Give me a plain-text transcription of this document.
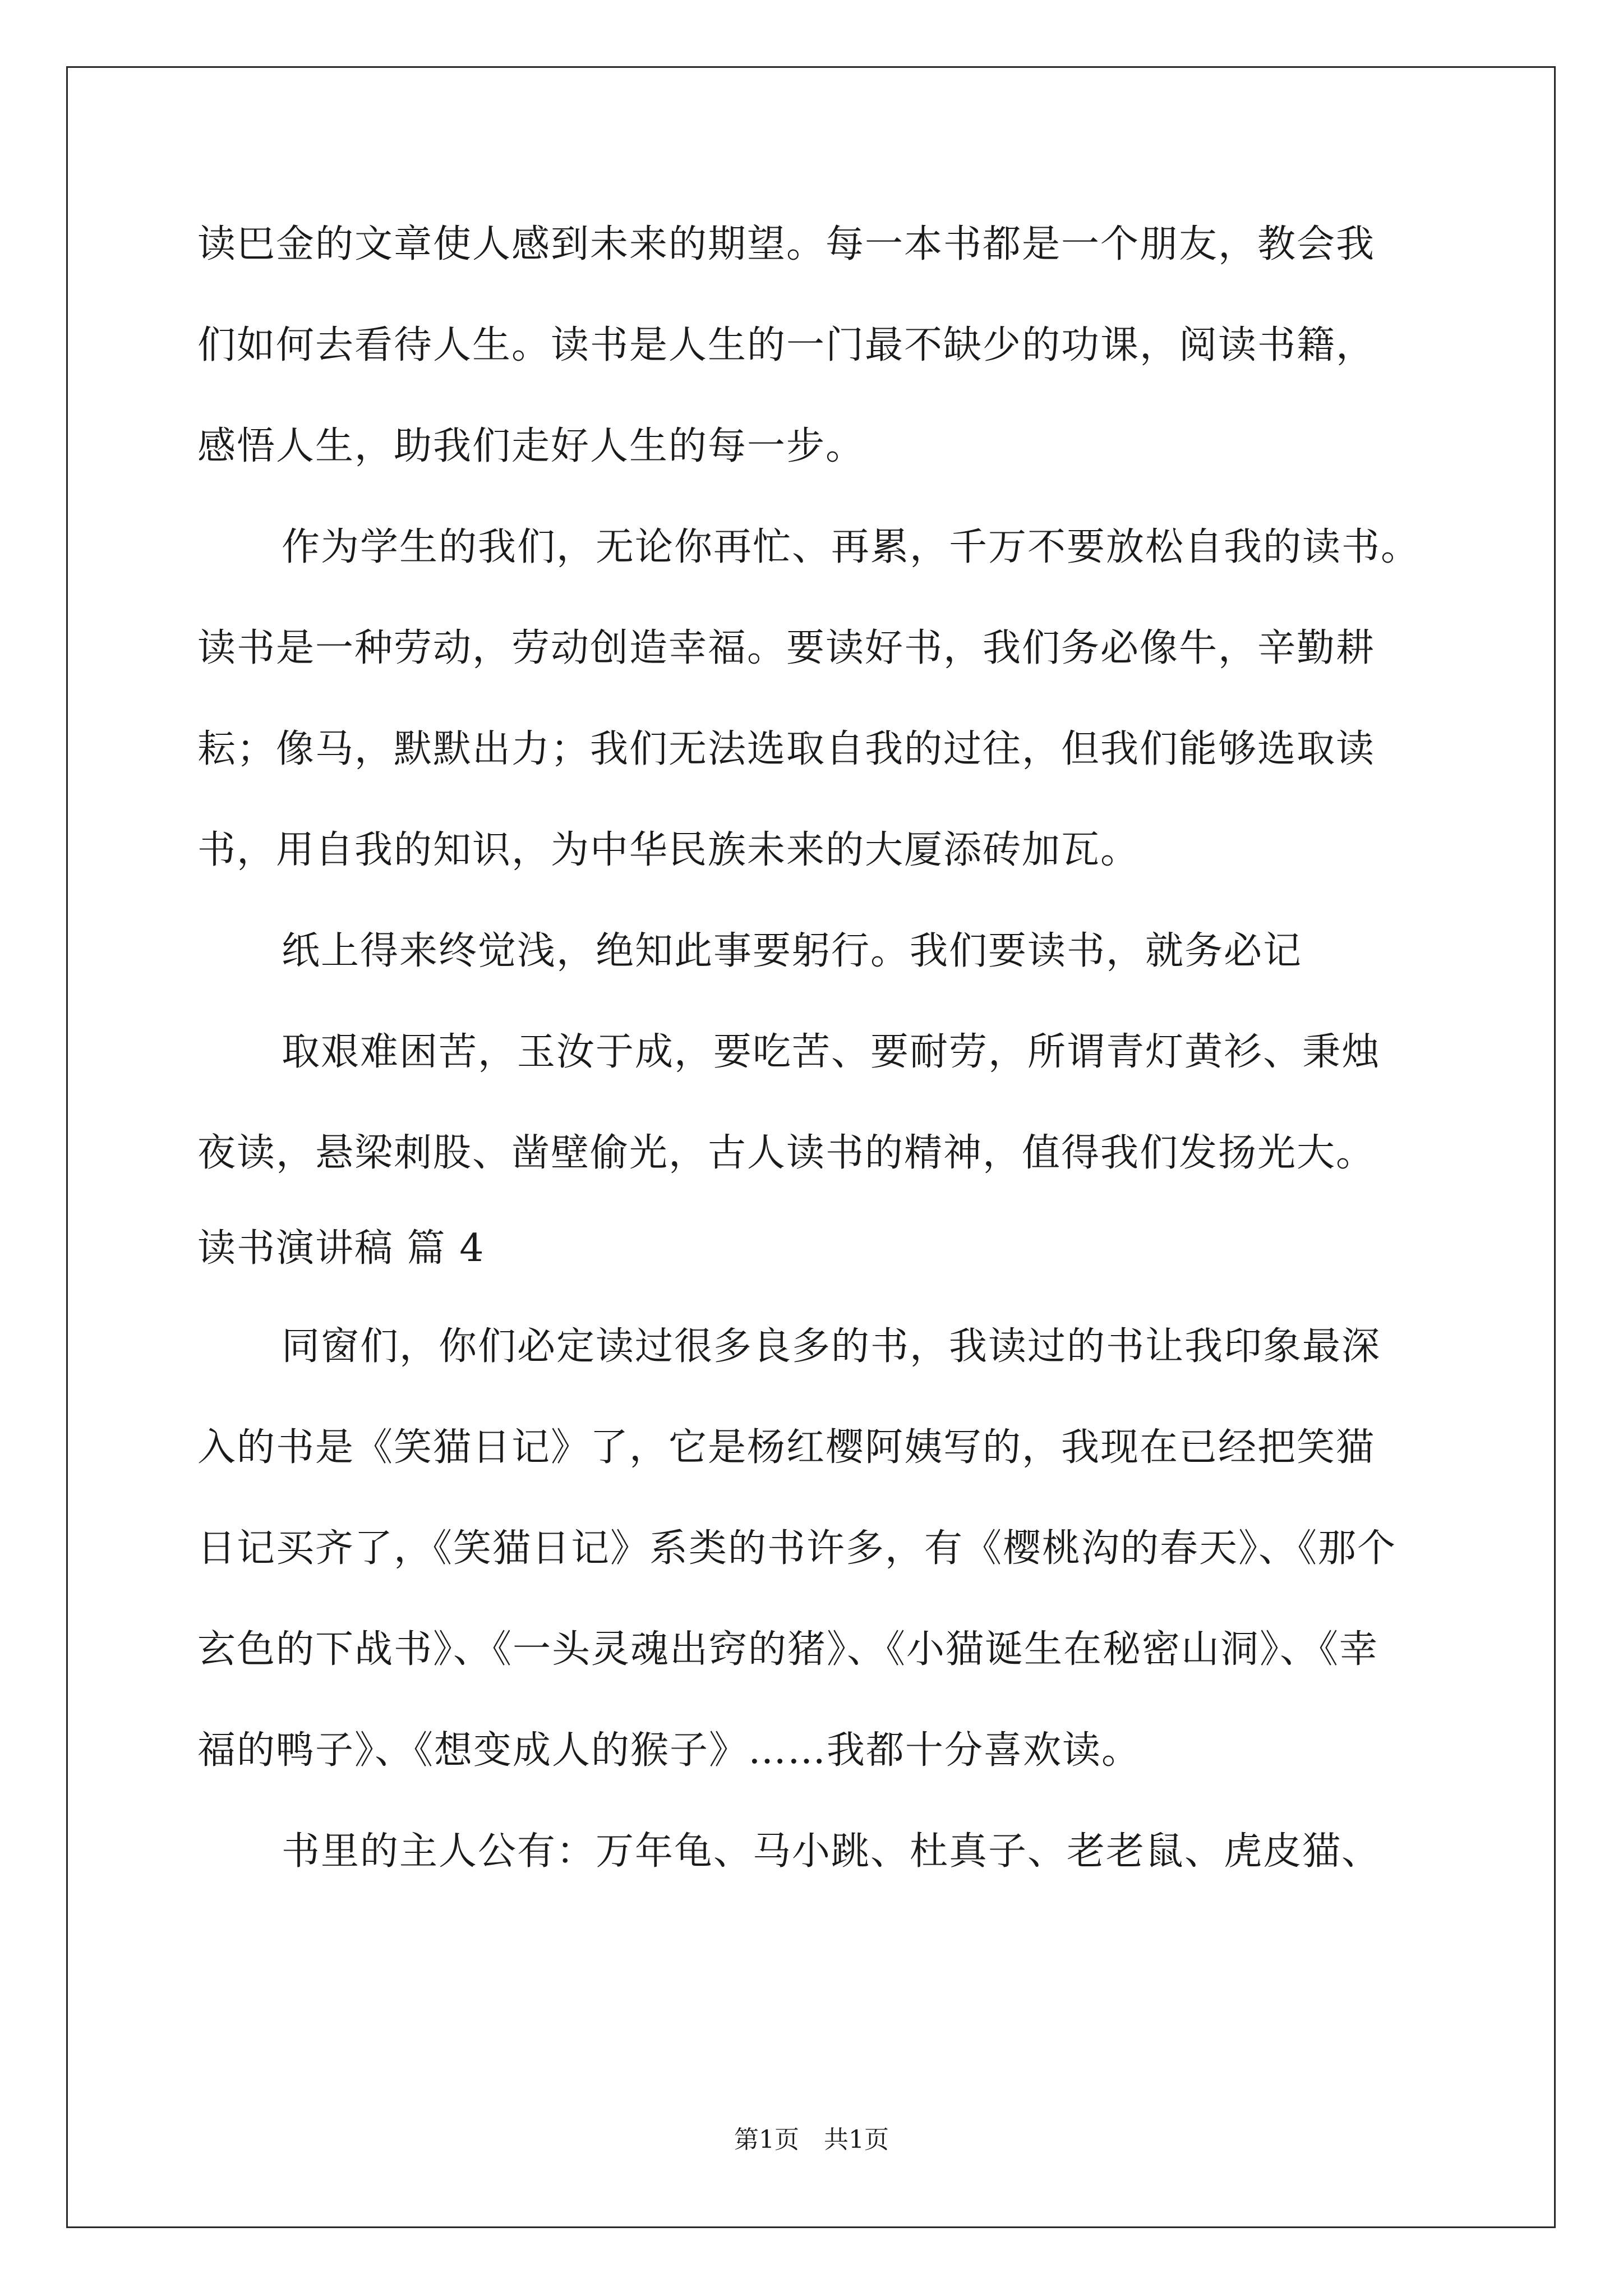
读巴金的文章使人感到未来的期望。每一本书都是一个朋友，教会我
们如何去看待人生。读书是人生的一门最不缺少的功课，阅读书籍，
感悟人生，助我们走好人生的每一步。
作为学生的我们，无论你再忙、再累，千万不要放松自我的读书。
读书是一种劳动，劳动创造幸福。要读好书，我们务必像牛，辛勤耕
耘；像马，默默出力；我们无法选取自我的过往，但我们能够选取读
书，用自我的知识，为中华民族未来的大厦添砖加瓦。
纸上得来终觉浅，绝知此事要躬行。我们要读书，就务必记
取艰难困苦，玉汝于成，要吃苦、要耐劳，所谓青灯黄衫、秉烛
夜读，悬梁刺股、凿壁偷光，古人读书的精神，值得我们发扬光大。
读书演讲稿 篇 4
同窗们，你们必定读过很多良多的书，我读过的书让我印象最深
入的书是《笑猫日记》了，它是杨红樱阿姨写的，我现在已经把笑猫
日记买齐了，《笑猫日记》系类的书许多，有《樱桃沟的春天》、《那个
玄色的下战书》、《一头灵魂出窍的猪》、《小猫诞生在秘密山洞》、《幸
福的鸭子》、《想变成人的猴子》……我都十分喜欢读。
书里的主人公有：万年龟、马小跳、杜真子、老老鼠、虎皮猫、
第1页 共1页
